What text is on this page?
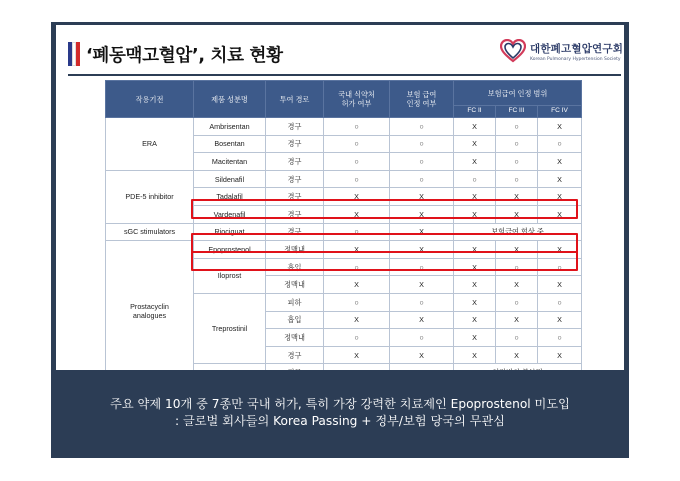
‘폐동맥고혈압’, 치료 현황	대한폐고혈압연구회
Korean Pulmonary Hypertension Society
작용기전	제품 성분명	투여 경로	국내 식약처
허가 여부	보험 급여
인정 여부	보험급여 인정 범위		
					FC II	FC III	FC IV
ERA	Ambrisentan	경구	○	○	X	○	X
	Bosentan	경구	○	○	X	○	○
	Macitentan	경구	○	○	X	○	X
PDE-5 inhibitor	Sildenafil	경구	○	○	○	○	X
	Tadalafil	경구	X	X	X	X	X
	Vardenafil	경구	X	X	X	X	X
sGC stimulators	Riociguat	경구	○	X	보험급여 협상 중		
Prostacyclin
analogues	Epoprostenol	정맥내	X	X	X	X	X
	Iloprost	흡입	○	○	X	○	○
		정맥내	X	X	X	X	X
	Treprostinil	피하	○	○	X	○	○
		흡입	X	X	X	X	X
		정맥내	○	○	X	○	○
		경구	X	X	X	X	X

주요 약제 10개 중 7종만 국내 허가, 특히 가장 강력한 치료제인 Epoprostenol 미도입

: 글로벌 회사들의 Korea Passing + 정부/보험 당국의 무관심
